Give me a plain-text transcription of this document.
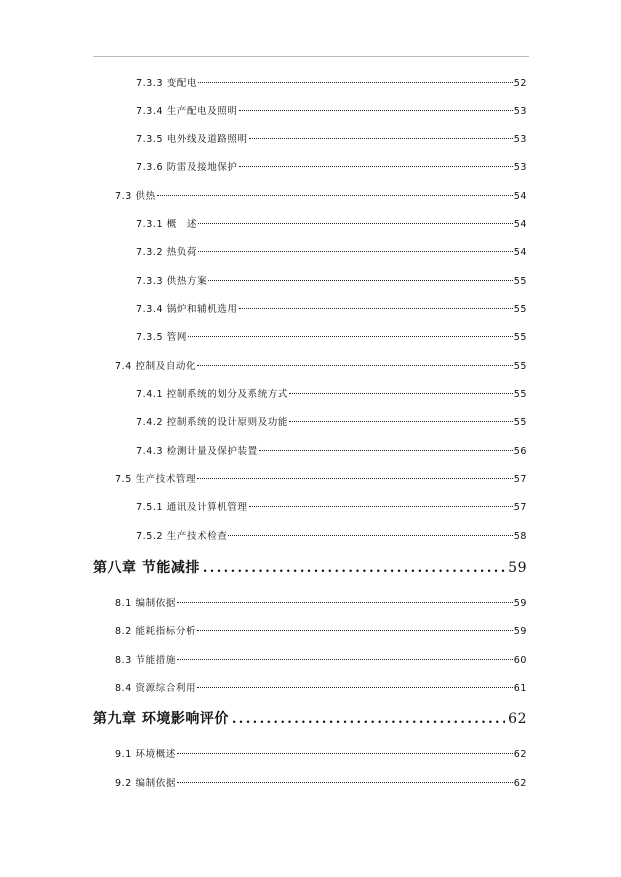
7.3.3 变配电	52
7.3.4 生产配电及照明	53
7.3.5 电外线及道路照明	53
7.3.6 防雷及接地保护	53
7.3 供热	54
7.3.1 概　述	54
7.3.2 热负荷	54
7.3.3 供热方案	55
7.3.4 锅炉和辅机选用	55
7.3.5 管网	55
7.4 控制及自动化	55
7.4.1 控制系统的划分及系统方式	55
7.4.2 控制系统的设计原则及功能	55
7.4.3 检测计量及保护装置	56
7.5 生产技术管理	57
7.5.1 通讯及计算机管理	57
7.5.2 生产技术检查	58
第八章 节能减排 .....	59
8.1 编制依据	59
8.2 能耗指标分析	59
8.3 节能措施	60
8.4 资源综合利用	61
第九章 环境影响评价 .....	62
9.1 环境概述	62
9.2 编制依据	62
